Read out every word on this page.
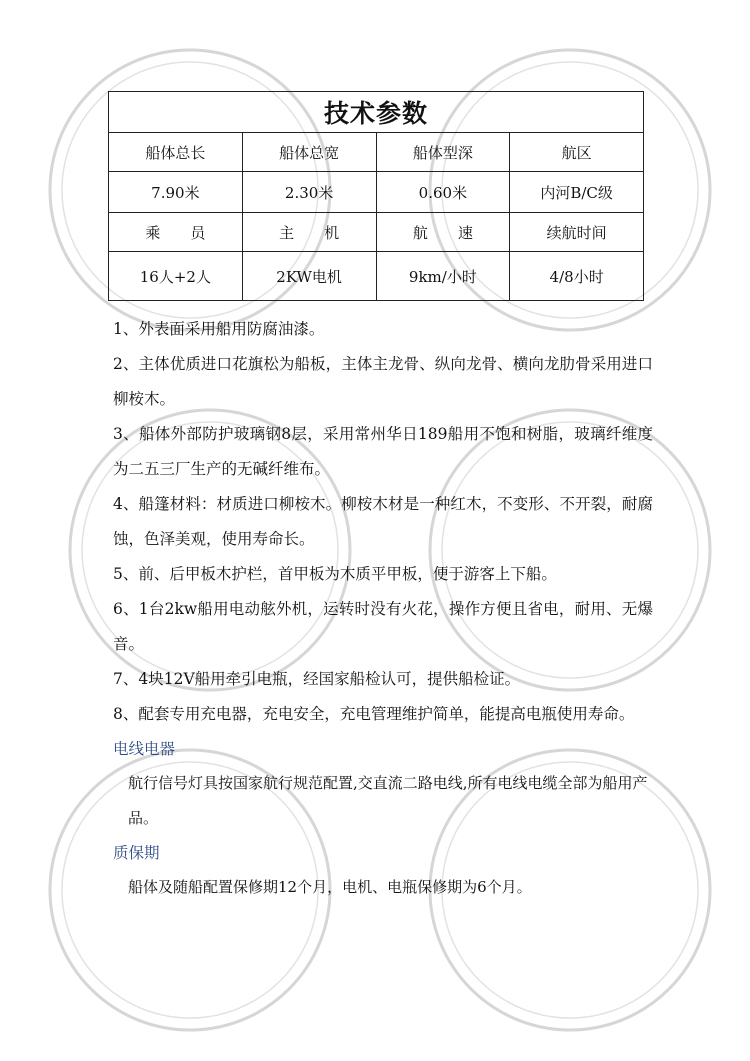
技术参数			
船体总长	船体总宽	船体型深	航区
7.90米	2.30米	0.60米	内河B/C级
乘　　员	主　　机	航　　速	续航时间
16人+2人	2KW电机	9km/小时	4/8小时

1、外表面采用船用防腐油漆。

2、主体优质进口花旗松为船板，主体主龙骨、纵向龙骨、横向龙肋骨采用进口柳桉木。

3、船体外部防护玻璃钢8层，采用常州华日189船用不饱和树脂，玻璃纤维度为二五三厂生产的无碱纤维布。

4、船篷材料：材质进口柳桉木。柳桉木材是一种红木，不变形、不开裂，耐腐蚀，色泽美观，使用寿命长。

5、前、后甲板木护栏，首甲板为木质平甲板，便于游客上下船。

6、1台2kw船用电动舷外机，运转时没有火花，操作方便且省电，耐用、无爆音。

7、4块12V船用牵引电瓶，经国家船检认可，提供船检证。

8、配套专用充电器，充电安全，充电管理维护简单，能提高电瓶使用寿命。

电线电器

航行信号灯具按国家航行规范配置,交直流二路电线,所有电线电缆全部为船用产品。

质保期

船体及随船配置保修期12个月，电机、电瓶保修期为6个月。
